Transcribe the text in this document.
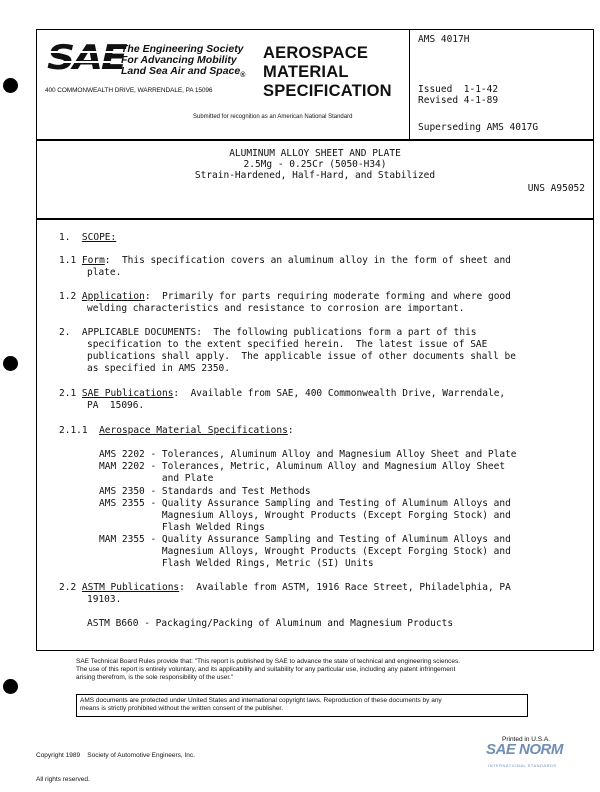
SAE
The Engineering Society
For Advancing Mobility
Land Sea Air and Space$_®$
400 COMMONWEALTH DRIVE, WARRENDALE, PA 15096
AEROSPACE
MATERIAL
SPECIFICATION
Submitted for recognition as an American National Standard
AMS 4017H
Issued  1-1-42
Revised 4-1-89
Superseding AMS 4017G
ALUMINUM ALLOY SHEET AND PLATE
2.5Mg - 0.25Cr (5050-H34)
Strain-Hardened, Half-Hard, and Stabilized
UNS A95052
1. SCOPE:
1.1 Form:  This specification covers an aluminum alloy in the form of sheet and
plate.
1.2 Application:  Primarily for parts requiring moderate forming and where good
welding characteristics and resistance to corrosion are important.
2.  APPLICABLE DOCUMENTS:  The following publications form a part of this
specification to the extent specified herein.  The latest issue of SAE
publications shall apply.  The applicable issue of other documents shall be
as specified in AMS 2350.
2.1 SAE Publications:  Available from SAE, 400 Commonwealth Drive, Warrendale,
PA  15096.
2.1.1 Aerospace Material Specifications:
AMS 2202 - Tolerances, Aluminum Alloy and Magnesium Alloy Sheet and Plate
MAM 2202 - Tolerances, Metric, Aluminum Alloy and Magnesium Alloy Sheet
and Plate
AMS 2350 - Standards and Test Methods
AMS 2355 - Quality Assurance Sampling and Testing of Aluminum Alloys and
Magnesium Alloys, Wrought Products (Except Forging Stock) and
Flash Welded Rings
MAM 2355 - Quality Assurance Sampling and Testing of Aluminum Alloys and
Magnesium Alloys, Wrought Products (Except Forging Stock) and
Flash Welded Rings, Metric (SI) Units
2.2 ASTM Publications:  Available from ASTM, 1916 Race Street, Philadelphia, PA
19103.
ASTM B660 - Packaging/Packing of Aluminum and Magnesium Products
SAE Technical Board Rules provide that: "This report is published by SAE to advance the state of technical and engineering sciences.
The use of this report is entirely voluntary, and its applicability and suitability for any particular use, including any patent infringement
arising therefrom, is the sole responsibility of the user."
AMS documents are protected under United States and international copyright laws. Reproduction of these documents by any
means is strictly prohibited without the written consent of the publisher.

Copyright 1989    Society of Automotive Engineers, Inc.

All rights reserved.

Printed in U.S.A.
SAE NORM
INTERNATIONAL STANDARDS
